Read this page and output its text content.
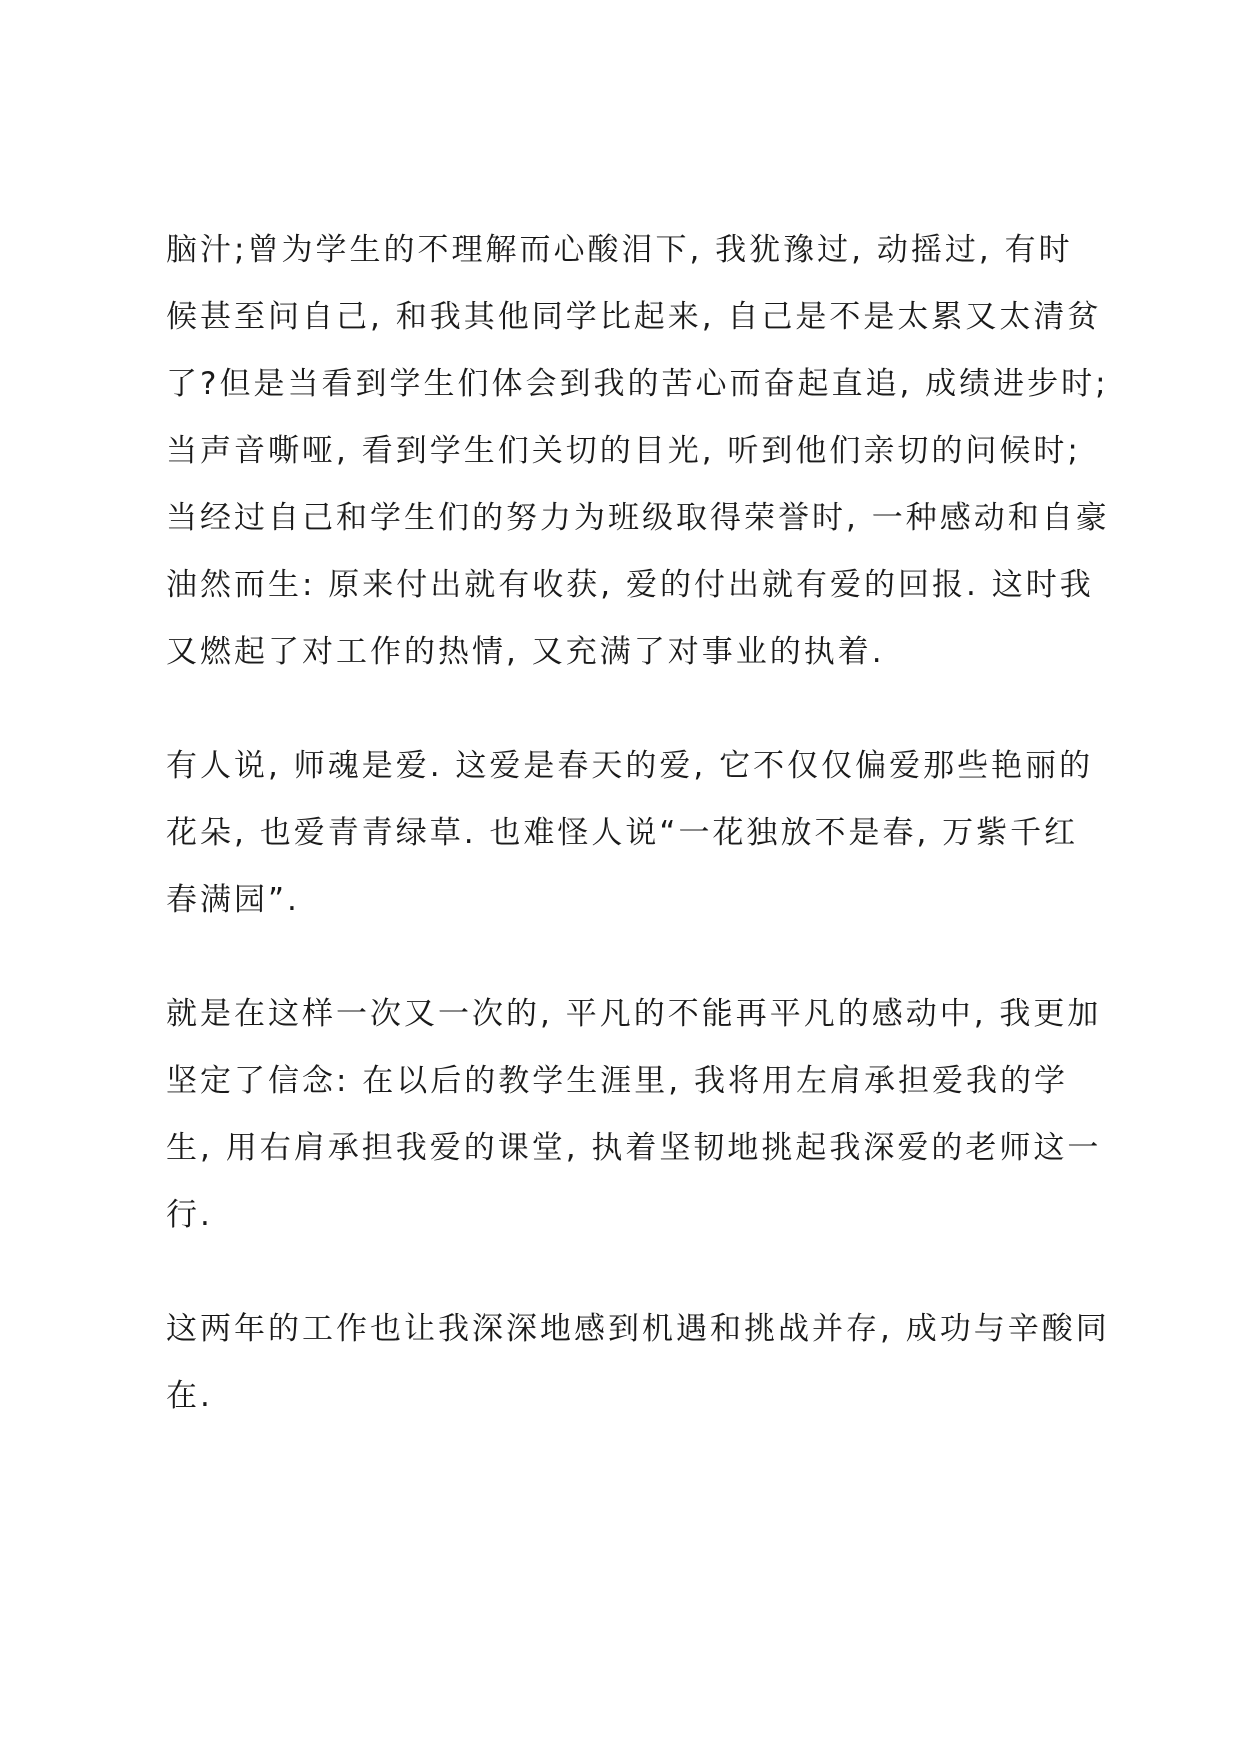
脑汁;曾为学生的不理解而心酸泪下, 我犹豫过, 动摇过, 有时

候甚至问自己, 和我其他同学比起来, 自己是不是太累又太清贫

了?但是当看到学生们体会到我的苦心而奋起直追, 成绩进步时;

当声音嘶哑, 看到学生们关切的目光, 听到他们亲切的问候时;

当经过自己和学生们的努力为班级取得荣誉时, 一种感动和自豪

油然而生: 原来付出就有收获, 爱的付出就有爱的回报. 这时我

又燃起了对工作的热情, 又充满了对事业的执着.

有人说, 师魂是爱. 这爱是春天的爱, 它不仅仅偏爱那些艳丽的

花朵, 也爱青青绿草. 也难怪人说“一花独放不是春, 万紫千红

春满园”.

就是在这样一次又一次的, 平凡的不能再平凡的感动中, 我更加

坚定了信念: 在以后的教学生涯里, 我将用左肩承担爱我的学

生, 用右肩承担我爱的课堂, 执着坚韧地挑起我深爱的老师这一

行.

这两年的工作也让我深深地感到机遇和挑战并存, 成功与辛酸同

在.
